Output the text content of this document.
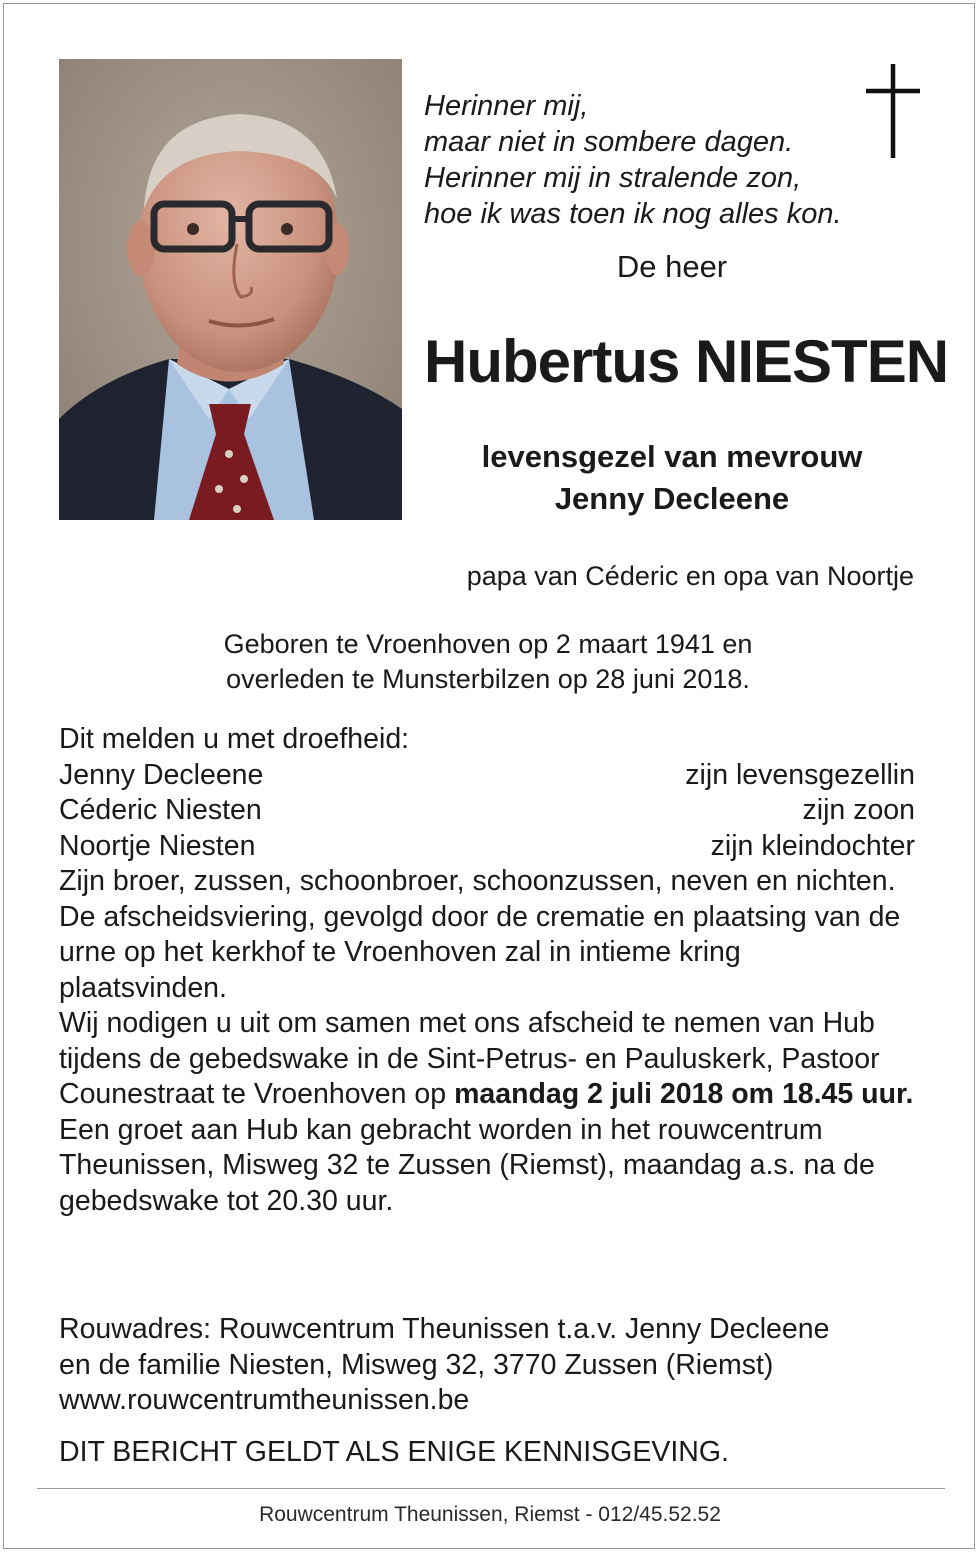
Herinner mij,
maar niet in sombere dagen.
Herinner mij in stralende zon,
hoe ik was toen ik nog alles kon.
De heer
Hubertus NIESTEN
levensgezel van mevrouw
Jenny Decleene
papa van Céderic en opa van Noortje
Geboren te Vroenhoven op 2 maart 1941 en
overleden te Munsterbilzen op 28 juni 2018.

Dit melden u met droefheid:

Jenny Decleene	zijn levensgezellin
Céderic Niesten	zijn zoon
Noortje Niesten	zijn kleindochter

Zijn broer, zussen, schoonbroer, schoonzussen, neven en nichten.

De afscheidsviering, gevolgd door de crematie en plaatsing van de urne op het kerkhof te Vroenhoven zal in intieme kring plaatsvinden.

Wij nodigen u uit om samen met ons afscheid te nemen van Hub tijdens de gebedswake in de Sint-Petrus- en Pauluskerk, Pastoor Counestraat te Vroenhoven op maandag 2 juli 2018 om 18.45 uur.

Een groet aan Hub kan gebracht worden in het rouwcentrum Theunissen, Misweg 32 te Zussen (Riemst), maandag a.s. na de gebedswake tot 20.30 uur.

Rouwadres: Rouwcentrum Theunissen t.a.v. Jenny Decleene
en de familie Niesten, Misweg 32, 3770 Zussen (Riemst)
www.rouwcentrumtheunissen.be
DIT BERICHT GELDT ALS ENIGE KENNISGEVING.
Rouwcentrum Theunissen, Riemst - 012/45.52.52
